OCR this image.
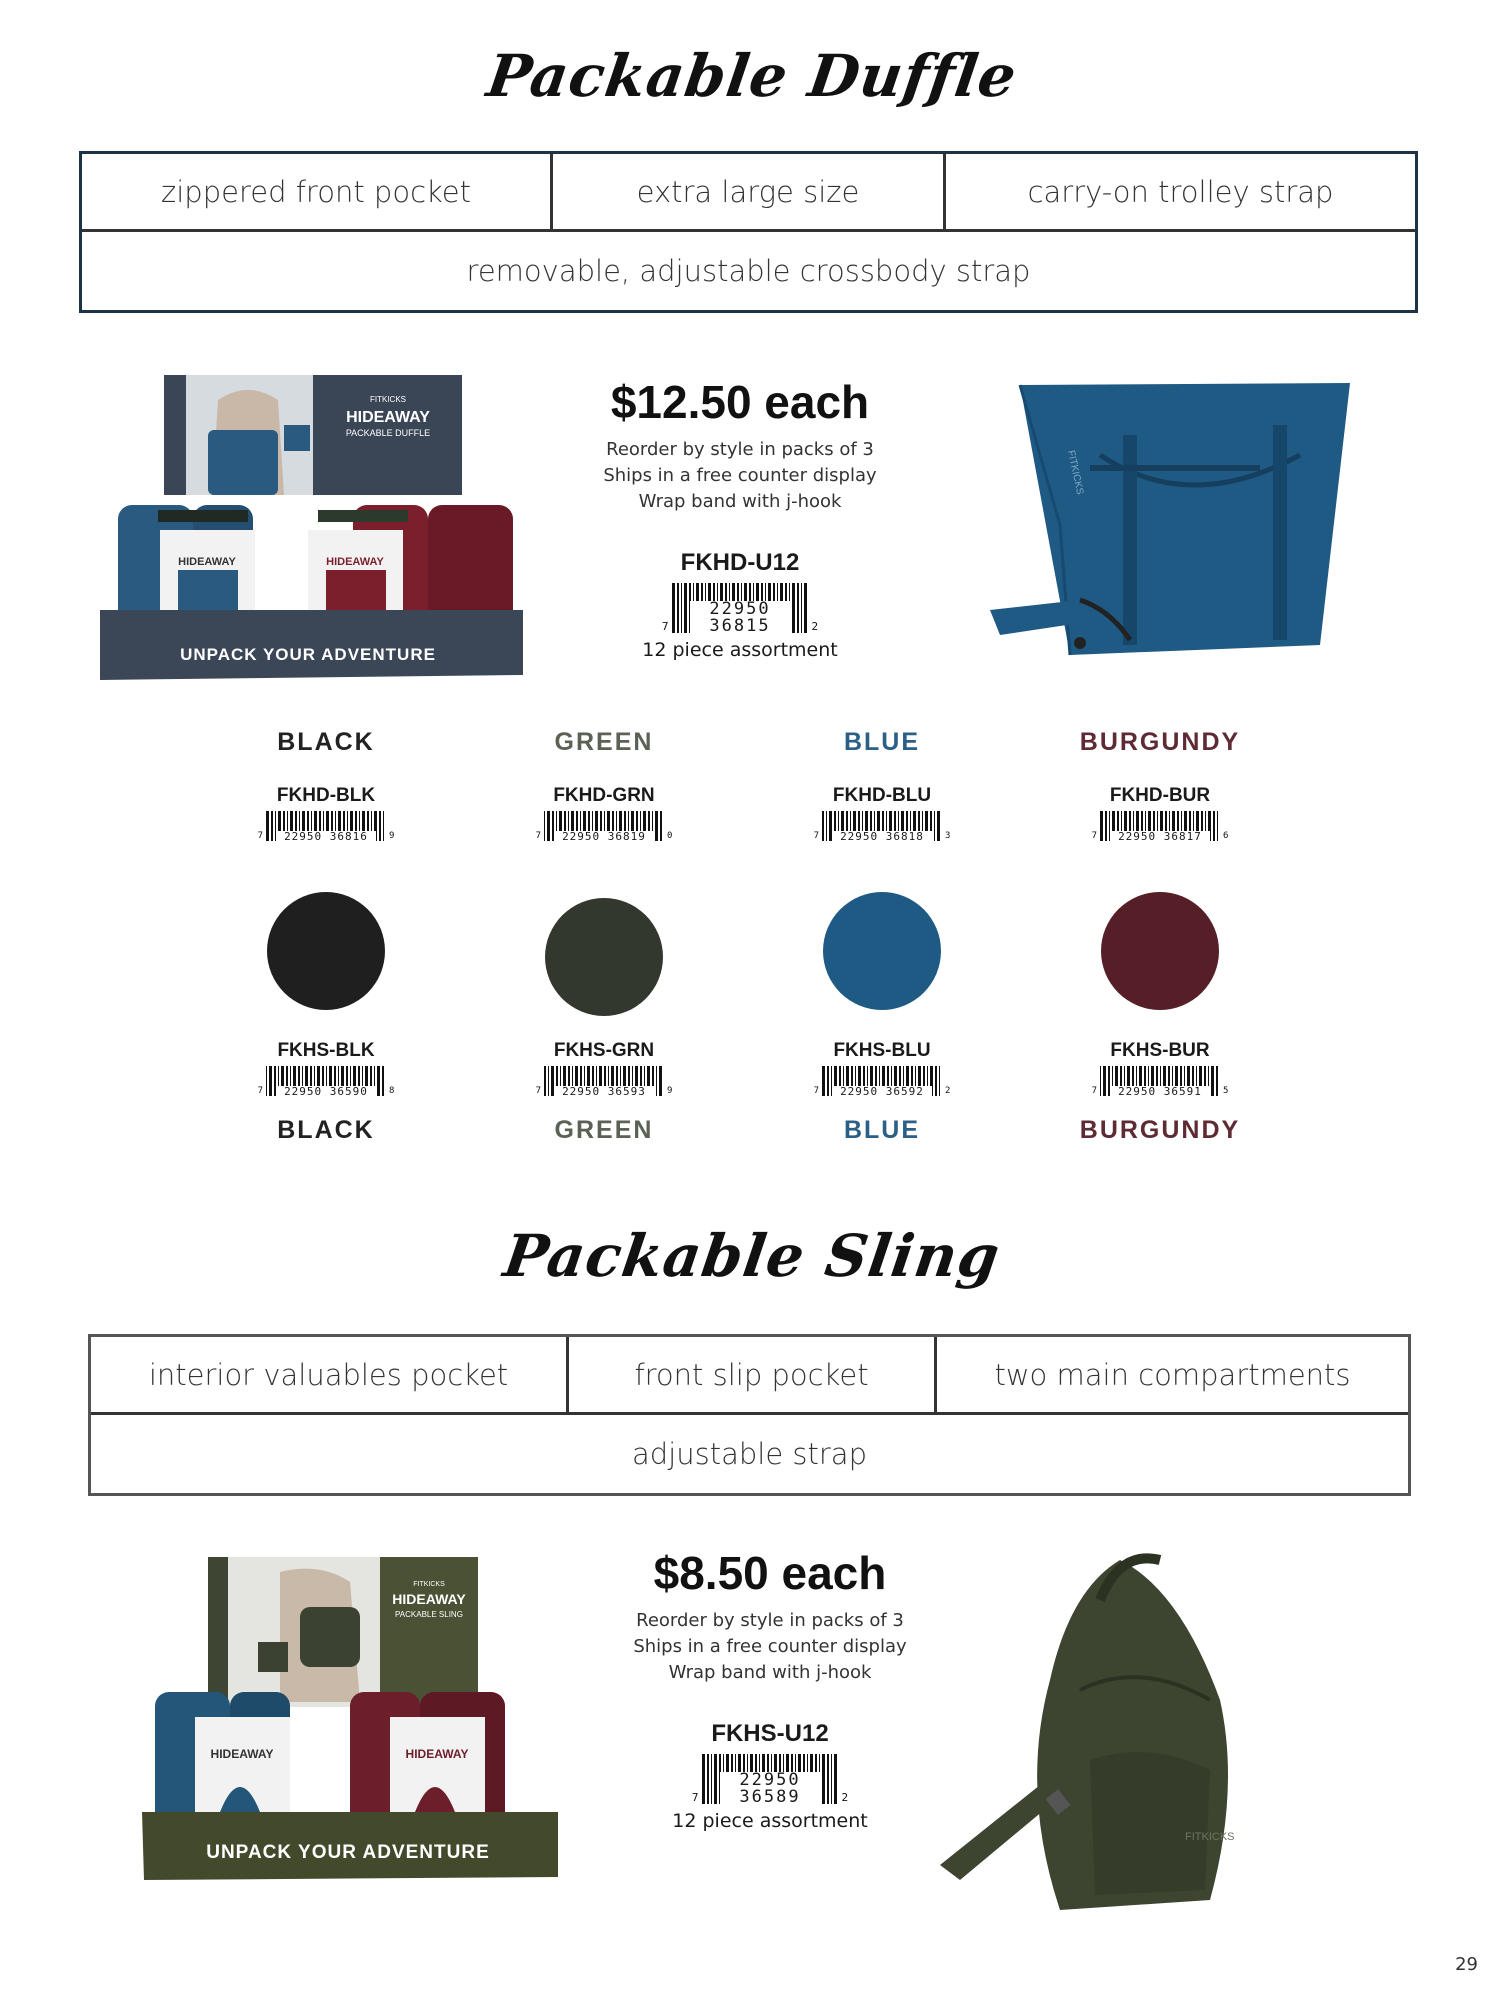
Packable Duffle
zippered front pocket	extra large size	carry-on trolley strap
removable, adjustable crossbody strap
FITKICKS
HIDEAWAY
PACKABLE DUFFLE
HIDEAWAY	HIDEAWAY
UNPACK YOUR ADVENTURE
$12.50 each
Reorder by style in packs of 3
Ships in a free counter display
Wrap band with j-hook
FKHD-U12
7
22950 36815	2
12 piece assortment
FITKICKS
BLACK
FKHD-BLK
7	22950 36816	9
GREEN
FKHD-GRN
7	22950 36819	0
BLUE
FKHD-BLU
7	22950 36818	3
BURGUNDY
FKHD-BUR
7	22950 36817	6
FKHS-BLK
7	22950 36590	8
BLACK
FKHS-GRN
7	22950 36593	9
GREEN
FKHS-BLU
7	22950 36592	2
BLUE
FKHS-BUR
7	22950 36591	5
BURGUNDY
Packable Sling
interior valuables pocket	front slip pocket	two main compartments
adjustable strap
FITKICKS
HIDEAWAY
PACKABLE SLING
HIDEAWAY	HIDEAWAY
UNPACK YOUR ADVENTURE
$8.50 each
Reorder by style in packs of 3
Ships in a free counter display
Wrap band with j-hook
FKHS-U12
7
22950 36589	2
12 piece assortment
FITKICKS
29
